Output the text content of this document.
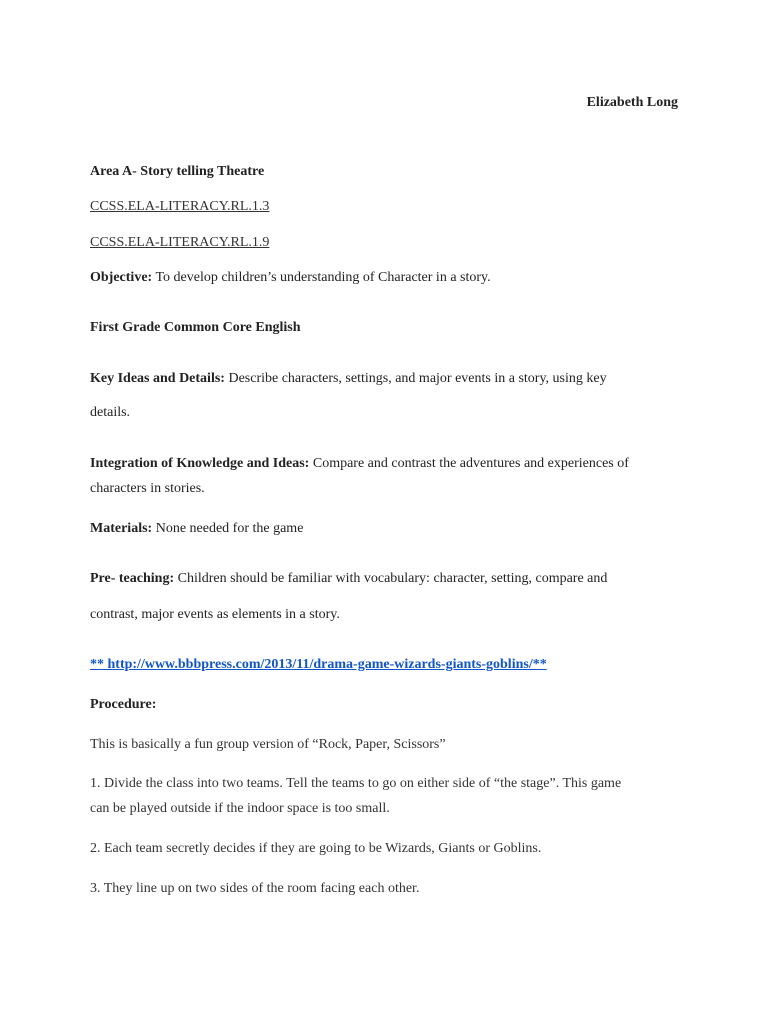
Elizabeth Long
Area A- Story telling Theatre
CCSS.ELA-LITERACY.RL.1.3
CCSS.ELA-LITERACY.RL.1.9
Objective: To develop children’s understanding of Character in a story.
First Grade Common Core English
Key Ideas and Details: Describe characters, settings, and major events in a story, using key
details.
Integration of Knowledge and Ideas: Compare and contrast the adventures and experiences of
characters in stories.
Materials: None needed for the game
Pre- teaching: Children should be familiar with vocabulary: character, setting, compare and
contrast, major events as elements in a story.
** http://www.bbbpress.com/2013/11/drama-game-wizards-giants-goblins/**
Procedure:
This is basically a fun group version of “Rock, Paper, Scissors”
1. Divide the class into two teams. Tell the teams to go on either side of “the stage”. This game
can be played outside if the indoor space is too small.
2. Each team secretly decides if they are going to be Wizards, Giants or Goblins.
3. They line up on two sides of the room facing each other.
